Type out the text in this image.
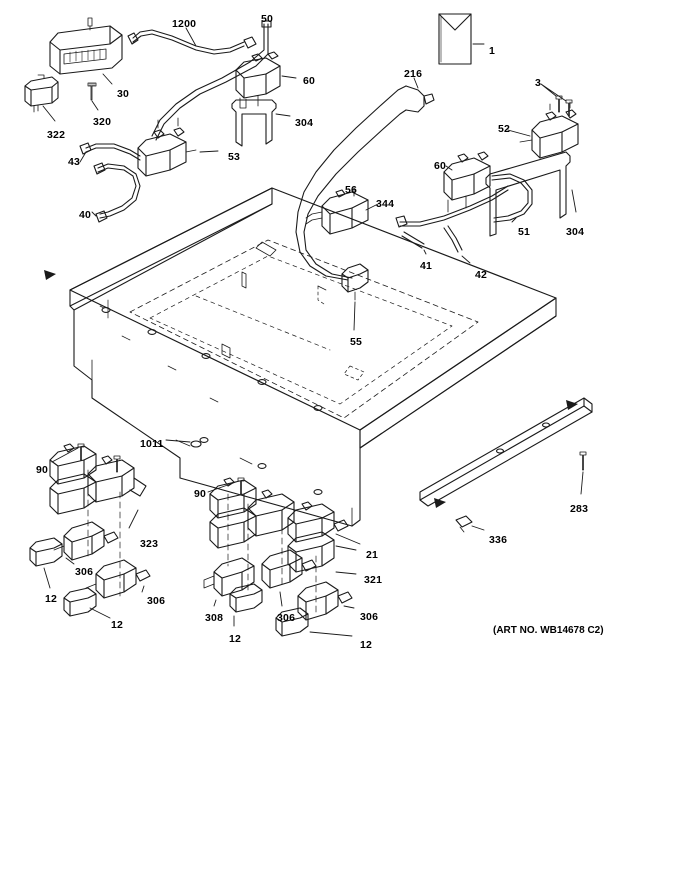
1200	50
1
60
216
3
30
322
320	304	52
53
43	60
56
344
40
51	304
41
42
55
1011
90
90
283
336
323
21
306
321
12	306
308	306	306
12
12	12
(ART NO. WB14678 C2)
